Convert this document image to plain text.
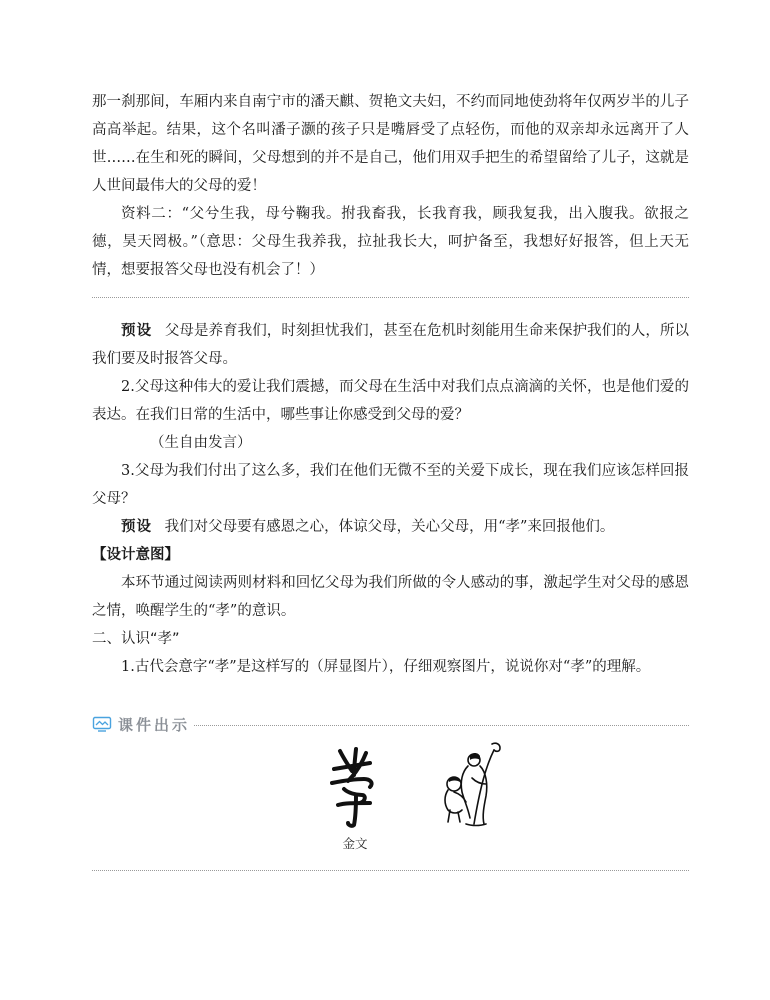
那一刹那间，车厢内来自南宁市的潘天麒、贺艳文夫妇，不约而同地使劲将年仅两岁半的儿子高高举起。结果，这个名叫潘子灏的孩子只是嘴唇受了点轻伤，而他的双亲却永远离开了人世……在生和死的瞬间，父母想到的并不是自己，他们用双手把生的希望留给了儿子，这就是人世间最伟大的父母的爱！

资料二：“父兮生我，母兮鞠我。拊我畜我，长我育我，顾我复我，出入腹我。欲报之德，昊天罔极。”（意思：父母生我养我，拉扯我长大，呵护备至，我想好好报答，但上天无情，想要报答父母也没有机会了！）

预设 父母是养育我们，时刻担忧我们，甚至在危机时刻能用生命来保护我们的人，所以我们要及时报答父母。

2.父母这种伟大的爱让我们震撼，而父母在生活中对我们点点滴滴的关怀，也是他们爱的表达。在我们日常的生活中，哪些事让你感受到父母的爱？

（生自由发言）

3.父母为我们付出了这么多，我们在他们无微不至的关爱下成长，现在我们应该怎样回报父母？

预设 我们对父母要有感恩之心，体谅父母，关心父母，用“孝”来回报他们。

【设计意图】

本环节通过阅读两则材料和回忆父母为我们所做的令人感动的事，激起学生对父母的感恩之情，唤醒学生的“孝”的意识。

二、认识“孝”

1.古代会意字“孝”是这样写的（屏显图片），仔细观察图片，说说你对“孝”的理解。

课件出示
金文
